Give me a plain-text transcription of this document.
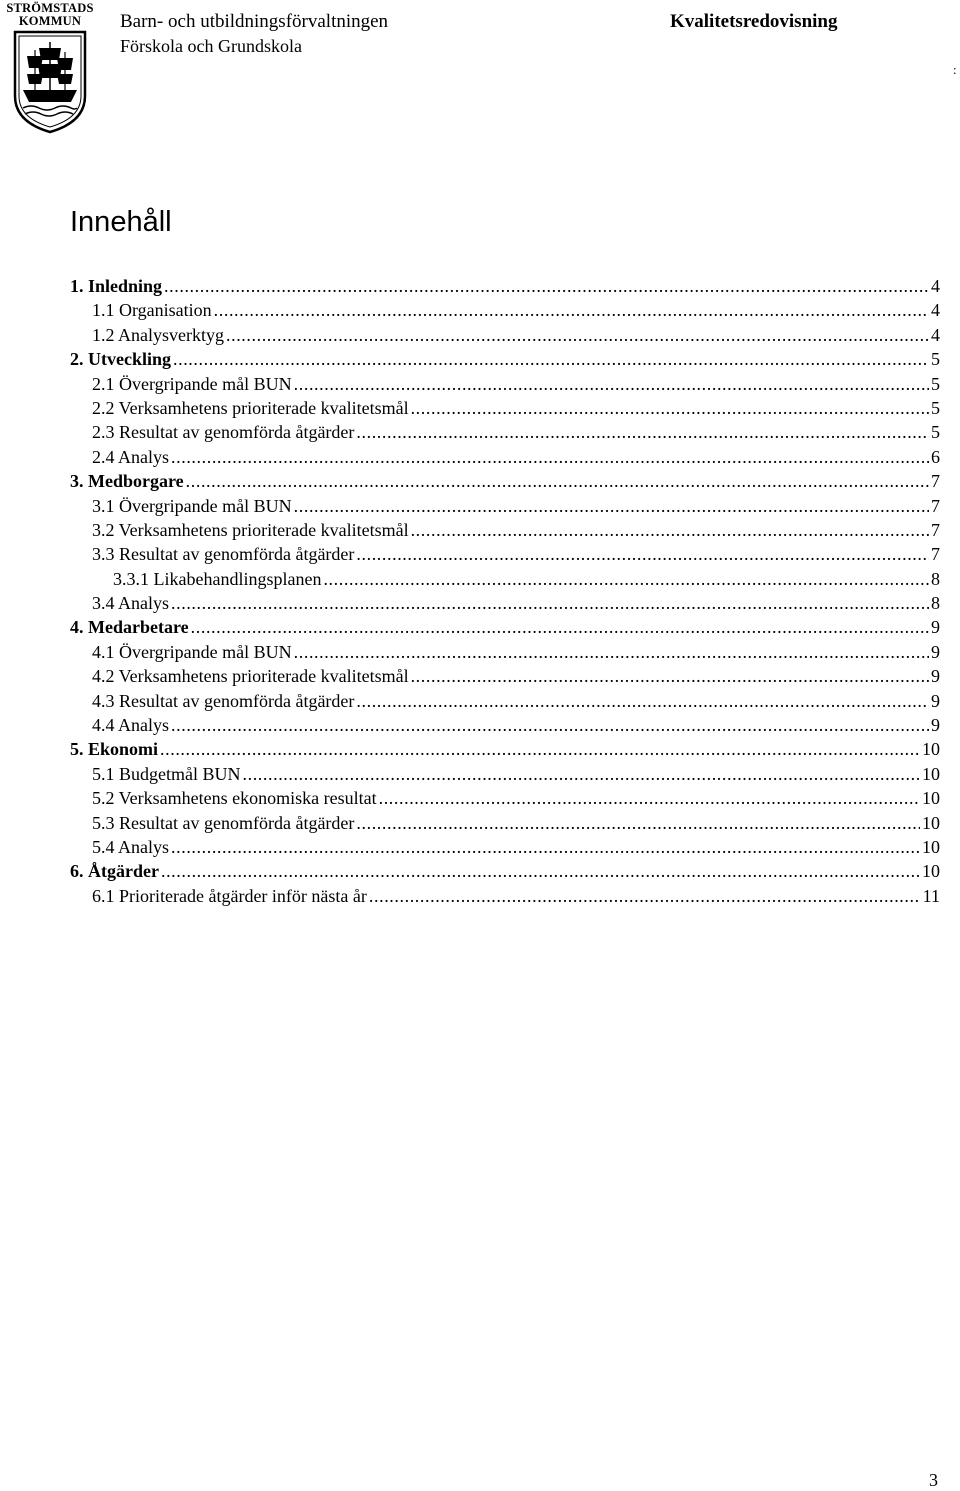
STRÖMSTADS
KOMMUN	Barn- och utbildningsförvaltningen
Förskola och Grundskola
Kvalitetsredovisning
:
Innehåll
1. Inledning .....	4
1.1 Organisation .....	4
1.2 Analysverktyg .....	4
2. Utveckling .....	5
2.1 Övergripande mål BUN .....	5
2.2 Verksamhetens prioriterade kvalitetsmål .....	5
2.3 Resultat av genomförda åtgärder .....	5
2.4 Analys .....	6
3. Medborgare .....	7
3.1 Övergripande mål BUN .....	7
3.2 Verksamhetens prioriterade kvalitetsmål .....	7
3.3 Resultat av genomförda åtgärder .....	7
3.3.1 Likabehandlingsplanen .....	8
3.4 Analys .....	8
4. Medarbetare .....	9
4.1 Övergripande mål BUN .....	9
4.2 Verksamhetens prioriterade kvalitetsmål .....	9
4.3 Resultat av genomförda åtgärder .....	9
4.4 Analys .....	9
5. Ekonomi .....	10
5.1 Budgetmål BUN .....	10
5.2 Verksamhetens ekonomiska resultat .....	10
5.3 Resultat av genomförda åtgärder .....	10
5.4 Analys .....	10
6. Åtgärder .....	10
6.1 Prioriterade åtgärder inför nästa år .....	11
3
